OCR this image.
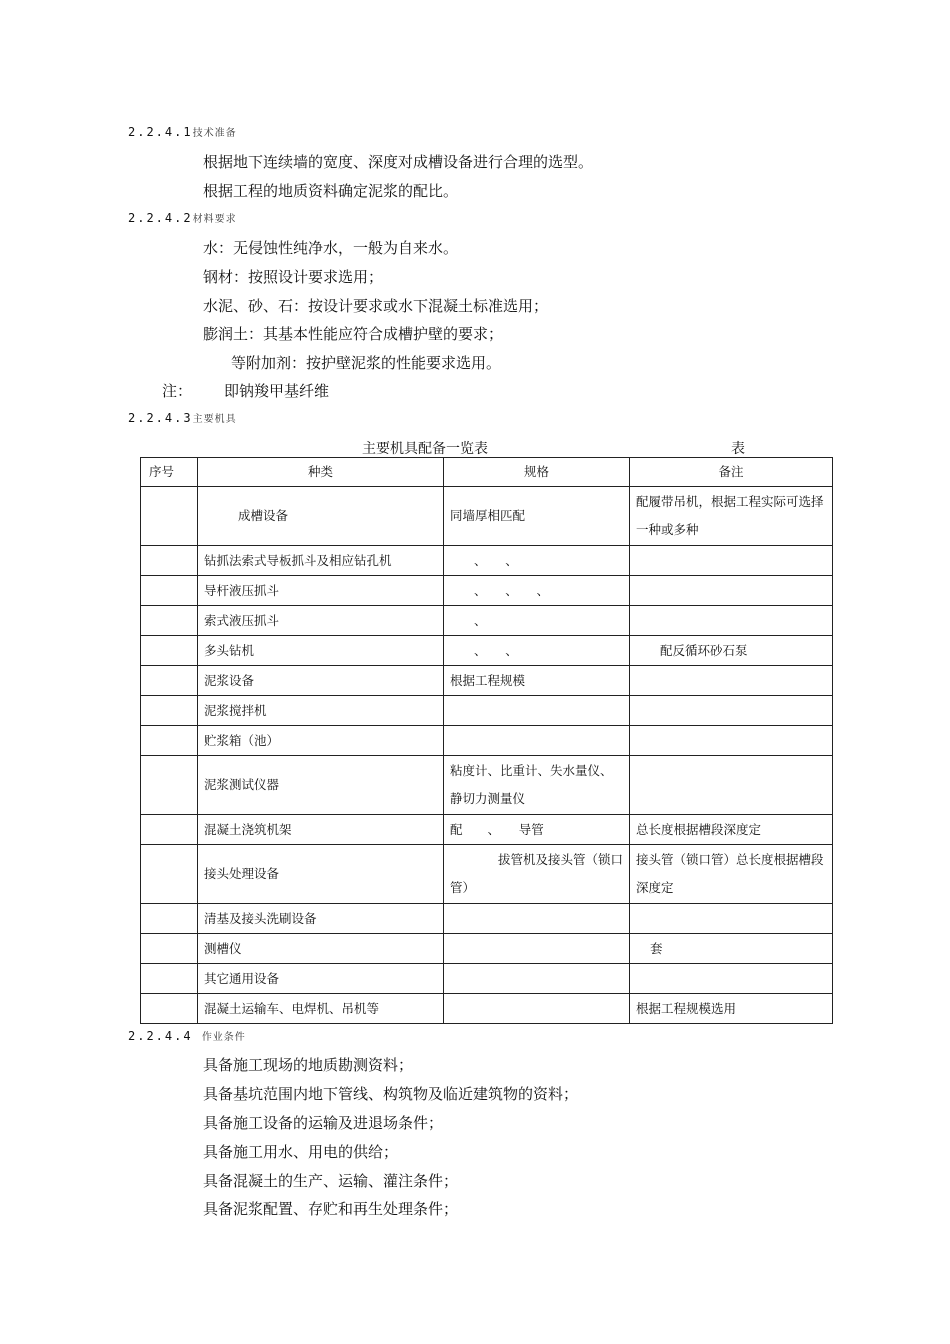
2.2.4.1技术准备
根据地下连续墙的宽度、深度对成槽设备进行合理的选型。
根据工程的地质资料确定泥浆的配比。
2.2.4.2材料要求
水：无侵蚀性纯净水，一般为自来水。
钢材：按照设计要求选用；
水泥、砂、石：按设计要求或水下混凝土标准选用；
膨润土：其基本性能应符合成槽护壁的要求；
等附加剂：按护壁泥浆的性能要求选用。
注： 即钠羧甲基纤维
2.2.4.3主要机具
主要机具配备一览表	表
序号	种类	规格	备注
	成槽设备	同墙厚相匹配	配履带吊机，根据工程实际可选择一种或多种
	钻抓法索式导板抓斗及相应钻孔机	、　　、	
	导杆液压抓斗	、　　、　　、	
	索式液压抓斗	、	
	多头钻机	、　　、	配反循环砂石泵
	泥浆设备	根据工程规模	
	泥浆搅拌机		
	贮浆箱（池）		
	泥浆测试仪器	粘度计、比重计、失水量仪、静切力测量仪	
	混凝土浇筑机架	配　　、　　导管	总长度根据槽段深度定
	接头处理设备	拔管机及接头管（锁口管）	接头管（锁口管）总长度根据槽段深度定
	清基及接头洗刷设备		
	测槽仪		套
	其它通用设备		
	混凝土运输车、电焊机、吊机等		根据工程规模选用
2.2.4.4 作业条件
具备施工现场的地质勘测资料；
具备基坑范围内地下管线、构筑物及临近建筑物的资料；
具备施工设备的运输及进退场条件；
具备施工用水、用电的供给；
具备混凝土的生产、运输、灌注条件；
具备泥浆配置、存贮和再生处理条件；
